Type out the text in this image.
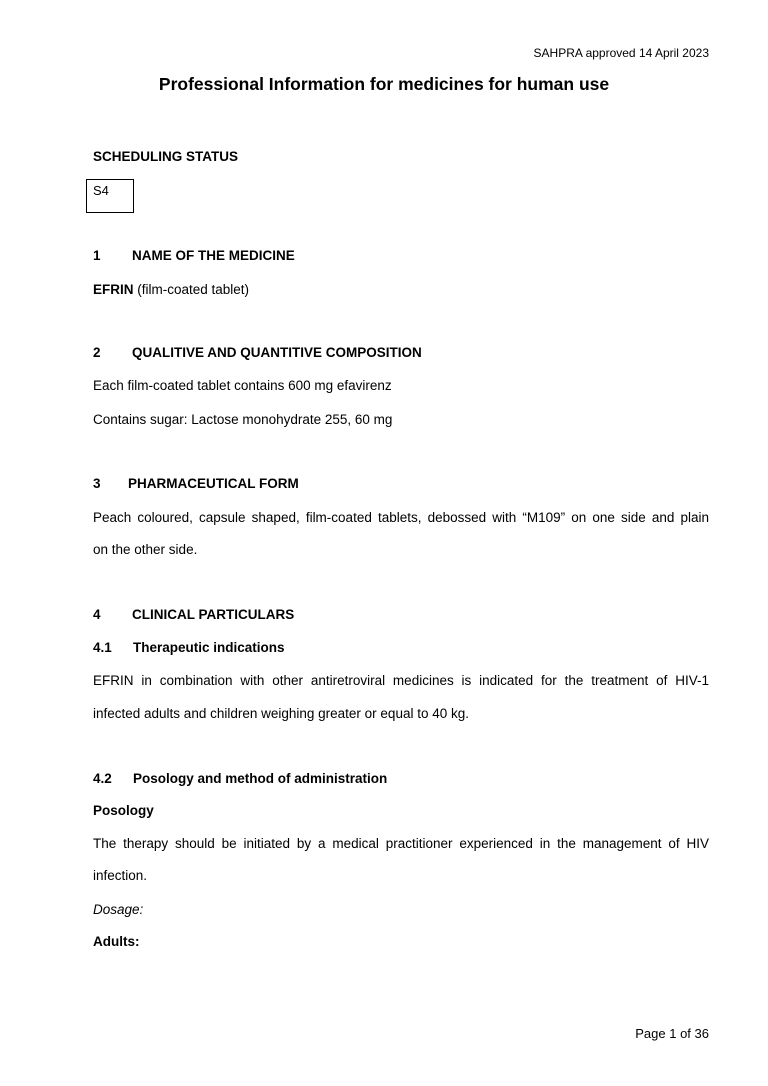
SAHPRA approved 14 April 2023
Professional Information for medicines for human use
SCHEDULING STATUS
S4
1 NAME OF THE MEDICINE
EFRIN (film-coated tablet)
2 QUALITIVE AND QUANTITIVE COMPOSITION
Each film-coated tablet contains 600 mg efavirenz
Contains sugar: Lactose monohydrate 255, 60 mg
3 PHARMACEUTICAL FORM
Peach coloured, capsule shaped, film-coated tablets, debossed with “M109” on one side and plain
on the other side.
4 CLINICAL PARTICULARS
4.1 Therapeutic indications
EFRIN in combination with other antiretroviral medicines is indicated for the treatment of HIV-1
infected adults and children weighing greater or equal to 40 kg.
4.2 Posology and method of administration
Posology
The therapy should be initiated by a medical practitioner experienced in the management of HIV
infection.
Dosage:
Adults:
Page 1 of 36
